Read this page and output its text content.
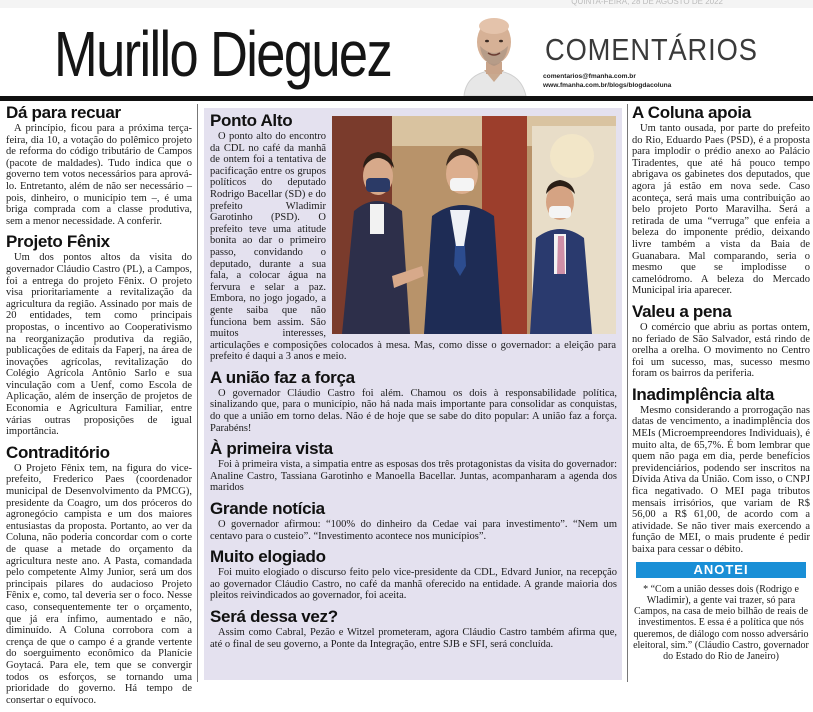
QUINTA-FEIRA, 28 DE AGOSTO DE 2022
Murillo Dieguez	COMENTÁRIOS
comentarios@fmanha.com.br
www.fmanha.com.br/blogs/blogdacoluna
Dá para recuar

A princípio, ficou para a próxima terça-feira, dia 10, a votação do polêmico projeto de reforma do código tributário de Campos (pacote de maldades). Tudo indica que o governo tem votos necessários para aprová-lo. Entretanto, além de não ser necessário – pois, dinheiro, o município tem –, é uma briga comprada com a classe produtiva, sem a menor necessidade. A conferir.

Projeto Fênix

Um dos pontos altos da visita do governador Cláudio Castro (PL), a Campos, foi a entrega do projeto Fênix. O projeto visa prioritariamente a revitalização da agricultura da região. Assinado por mais de 20 entidades, tem como principais propostas, o incentivo ao Cooperativismo na reorganização produtiva da região, publicações de editais da Faperj, na área de inovações agrícolas, revitalização do Colégio Agrícola Antônio Sarlo e sua vinculação com a Uenf, como Escola de Aplicação, além de inserção de projetos de Economia e Agricultura Familiar, entre várias outras proposições de igual importância.

Contraditório

O Projeto Fênix tem, na figura do vice-prefeito, Frederico Paes (coordenador municipal de Desenvolvimento da PMCG), presidente da Coagro, um dos próceros do agronegócio campista e um dos maiores entusiastas da proposta. Portanto, ao ver da Coluna, não poderia concordar com o corte de quase a metade do orçamento da agricultura neste ano. A Pasta, comandada pelo competente Almy Junior, será um dos principais pilares do audacioso Projeto Fênix e, como, tal deveria ser o foco. Nesse caso, consequentemente ter o orçamento, que já era ínfimo, aumentado e não, diminuído. A Coluna corrobora com a crença de que o campo é a grande vertente do soerguimento econômico da Planície Goytacá. Para ele, tem que se convergir todos os esforços, se tornando uma prioridade do governo. Há tempo de consertar o equívoco.

Ponto Alto

O ponto alto do encontro da CDL no café da manhã de ontem foi a tentativa de pacificação entre os grupos políticos do deputado Rodrigo Bacellar (SD) e do prefeito Wladimir Garotinho (PSD). O prefeito teve uma atitude bonita ao dar o primeiro passo, convidando o deputado, durante a sua fala, a colocar água na fervura e selar a paz. Embora, no jogo jogado, a gente saiba que não funciona bem assim. São muitos interesses, articulações e composições colocados à mesa. Mas, como disse o governador: a eleição para prefeito é daqui a 3 anos e meio.

A união faz a força

O governador Cláudio Castro foi além. Chamou os dois à responsabilidade política, sinalizando que, para o município, não há nada mais importante para consolidar as conquistas, do que a união em torno delas. Não é de hoje que se sabe do dito popular: A união faz a força. Parabéns!

À primeira vista

Foi à primeira vista, a simpatia entre as esposas dos três protagonistas da visita do governador: Analine Castro, Tassiana Garotinho e Manoella Bacellar. Juntas, acompanharam a agenda dos maridos

Grande notícia

O governador afirmou: “100% do dinheiro da Cedae vai para investimento”. “Nem um centavo para o custeio”. “Investimento acontece nos municípios”.

Muito elogiado

Foi muito elogiado o discurso feito pelo vice-presidente da CDL, Edvard Junior, na recepção ao governador Cláudio Castro, no café da manhã oferecido na entidade. A grande maioria dos pleitos reivindicados ao governador, foi aceita.

Será dessa vez?

Assim como Cabral, Pezão e Witzel prometeram, agora Cláudio Castro também afirma que, até o final de seu governo, a Ponte da Integração, entre SJB e SFI, será concluída.

A Coluna apoia

Um tanto ousada, por parte do prefeito do Rio, Eduardo Paes (PSD), é a proposta para implodir o prédio anexo ao Palácio Tiradentes, que até há pouco tempo abrigava os gabinetes dos deputados, que agora já estão em nova sede. Caso aconteça, será mais uma contribuição ao belo projeto Porto Maravilha. Será a retirada de uma “verruga” que enfeia a beleza do imponente prédio, deixando livre também a vista da Baia de Guanabara. Mal comparando, seria o mesmo que se implodisse o camelódromo. A beleza do Mercado Municipal iria aparecer.

Valeu a pena

O comércio que abriu as portas ontem, no feriado de São Salvador, está rindo de orelha a orelha. O movimento no Centro foi um sucesso, mas, sucesso mesmo foram os bairros da periferia.

Inadimplência alta

Mesmo considerando a prorrogação nas datas de vencimento, a inadimplência dos MEIs (Microempreendores Individuais), é muito alta, de 65,7%. É bom lembrar que quem não paga em dia, perde benefícios previdenciários, podendo ser inscritos na Dívida Ativa da União. Com isso, o CNPJ fica negativado. O MEI paga tributos mensais irrisórios, que variam de R$ 56,00 a R$ 61,00, de acordo com a atividade. Se não tiver mais exercendo a função de MEI, o mais prudente é pedir baixa para cessar o débito.

ANOTEI

* “Com a união desses dois (Rodrigo e Wladimir), a gente vai trazer, só para Campos, na casa de meio bilhão de reais de investimentos. E essa é a política que nós queremos, de diálogo com nosso adversário eleitoral, sim.” (Cláudio Castro, governador do Estado do Rio de Janeiro)
